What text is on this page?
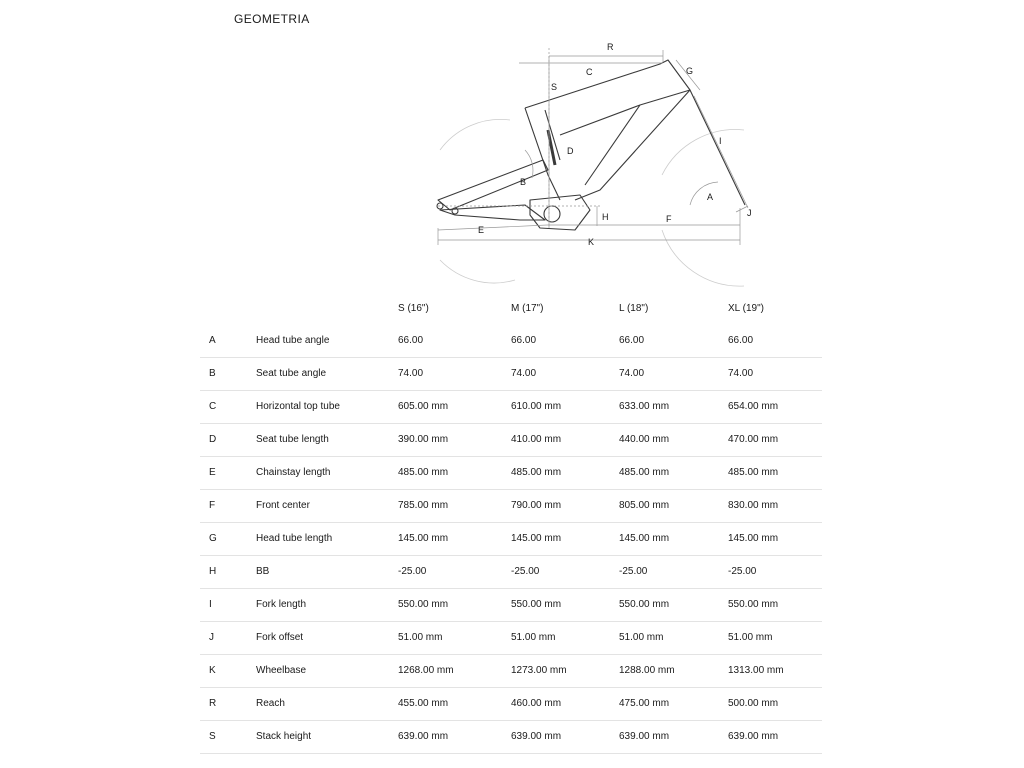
GEOMETRIA
R
C	G
S
I
D
B
A
H	F
J
E
K
		S (16")	M (17")	L (18")	XL (19")
A	Head tube angle	66.00	66.00	66.00	66.00
B	Seat tube angle	74.00	74.00	74.00	74.00
C	Horizontal top tube	605.00 mm	610.00 mm	633.00 mm	654.00 mm
D	Seat tube length	390.00 mm	410.00 mm	440.00 mm	470.00 mm
E	Chainstay length	485.00 mm	485.00 mm	485.00 mm	485.00 mm
F	Front center	785.00 mm	790.00 mm	805.00 mm	830.00 mm
G	Head tube length	145.00 mm	145.00 mm	145.00 mm	145.00 mm
H	BB	-25.00	-25.00	-25.00	-25.00
I	Fork length	550.00 mm	550.00 mm	550.00 mm	550.00 mm
J	Fork offset	51.00 mm	51.00 mm	51.00 mm	51.00 mm
K	Wheelbase	1268.00 mm	1273.00 mm	1288.00 mm	1313.00 mm
R	Reach	455.00 mm	460.00 mm	475.00 mm	500.00 mm
S	Stack height	639.00 mm	639.00 mm	639.00 mm	639.00 mm
